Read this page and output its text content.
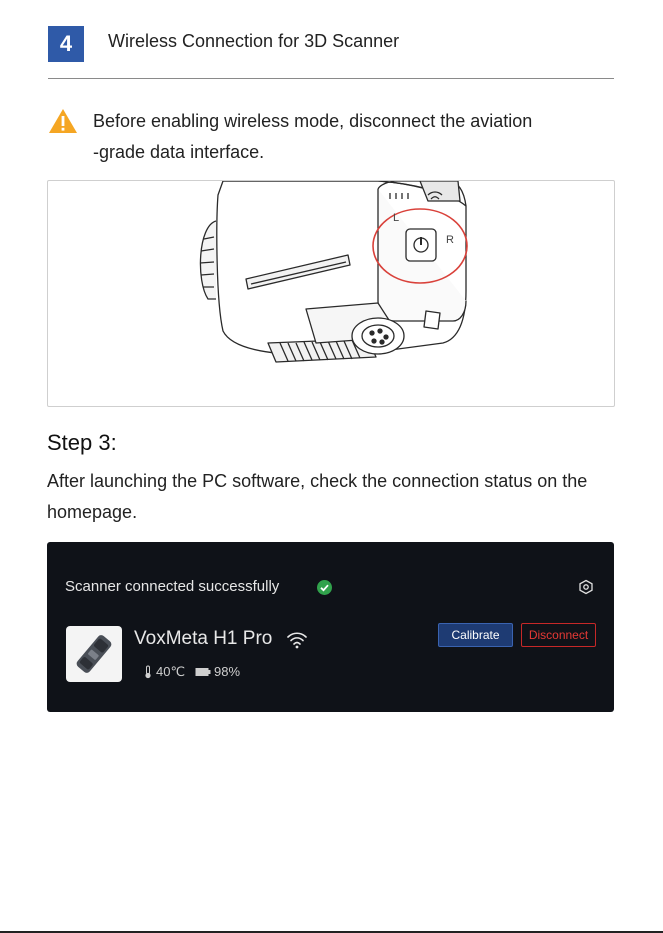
4	Wireless Connection for 3D Scanner
Before enabling wireless mode, disconnect the aviation
-grade data interface.
L
R
Step 3:
After launching the PC software, check the connection status on the
homepage.
Scanner connected successfully
VoxMeta H1 Pro
40℃ 98%
Calibrate	Disconnect
